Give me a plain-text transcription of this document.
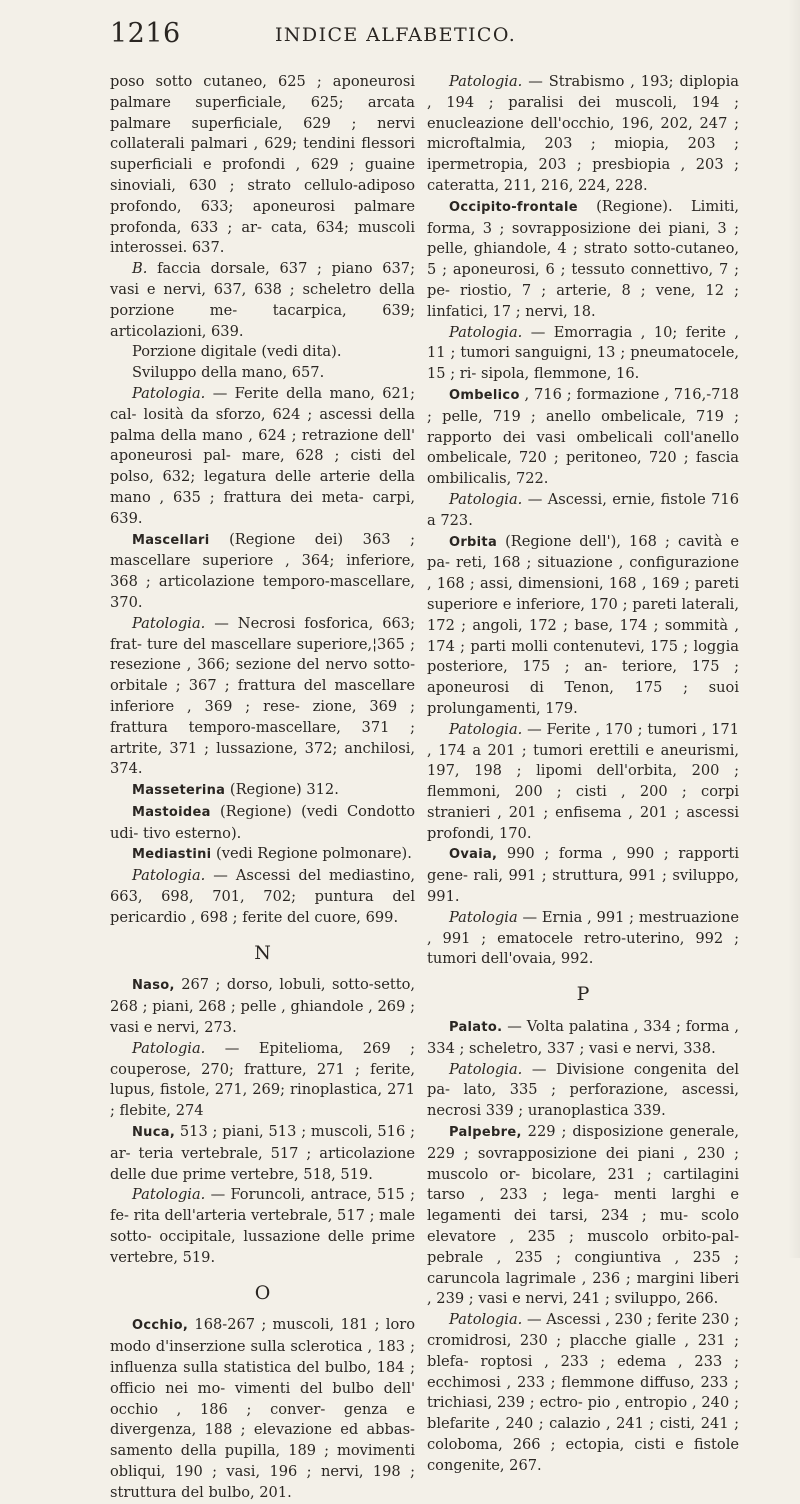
1216	INDICE ALFABETICO.

poso sotto cutaneo, 625 ; aponeurosi palmare superficiale, 625; arcata palmare superficiale, 629 ; nervi collaterali palmari , 629; tendini flessori superficiali e profondi , 629 ; guaine sinoviali, 630 ; strato cellulo-adiposo profondo, 633; aponeurosi palmare profonda, 633 ; ar- cata, 634; muscoli interossei. 637.

B. faccia dorsale, 637 ; piano 637; vasi e nervi, 637, 638 ; scheletro della porzione me- tacarpica, 639; articolazioni, 639.

Porzione digitale (vedi dita).

Sviluppo della mano, 657.

Patologia. — Ferite della mano, 621; cal- losità da sforzo, 624 ; ascessi della palma della mano , 624 ; retrazione dell' aponeurosi pal- mare, 628 ; cisti del polso, 632; legatura delle arterie della mano , 635 ; frattura dei meta- carpi, 639.

Mascellari (Regione dei) 363 ; mascellare superiore , 364; inferiore, 368 ; articolazione temporo-mascellare, 370.

Patologia. — Necrosi fosforica, 663; frat- ture del mascellare superiore,¦365 ; resezione , 366; sezione del nervo sotto-orbitale ; 367 ; frattura del mascellare inferiore , 369 ; rese- zione, 369 ; frattura temporo-mascellare, 371 ; artrite, 371 ; lussazione, 372; anchilosi, 374.

Masseterina (Regione) 312.

Mastoidea (Regione) (vedi Condotto udi- tivo esterno).

Mediastini (vedi Regione polmonare).

Patologia. — Ascessi del mediastino, 663, 698, 701, 702; puntura del pericardio , 698 ; ferite del cuore, 699.

N

Naso, 267 ; dorso, lobuli, sotto-setto, 268 ; piani, 268 ; pelle , ghiandole , 269 ; vasi e nervi, 273.

Patologia. — Epitelioma, 269 ; couperose, 270; fratture, 271 ; ferite, lupus, fistole, 271, 269; rinoplastica, 271 ; flebite, 274

Nuca, 513 ; piani, 513 ; muscoli, 516 ; ar- teria vertebrale, 517 ; articolazione delle due prime vertebre, 518, 519.

Patologia. — Foruncoli, antrace, 515 ; fe- rita dell'arteria vertebrale, 517 ; male sotto- occipitale, lussazione delle prime vertebre, 519.

O

Occhio, 168-267 ; muscoli, 181 ; loro modo d'inserzione sulla sclerotica , 183 ; influenza sulla statistica del bulbo, 184 ; officio nei mo- vimenti del bulbo dell' occhio , 186 ; conver- genza e divergenza, 188 ; elevazione ed abbas- samento della pupilla, 189 ; movimenti obliqui, 190 ; vasi, 196 ; nervi, 198 ; struttura del bulbo, 201.

Patologia. — Strabismo , 193; diplopia , 194 ; paralisi dei muscoli, 194 ; enucleazione dell'occhio, 196, 202, 247 ; microftalmia, 203 ; miopia, 203 ; ipermetropia, 203 ; presbiopia , 203 ; cateratta, 211, 216, 224, 228.

Occipito-frontale (Regione). Limiti, forma, 3 ; sovrapposizione dei piani, 3 ; pelle, ghiandole, 4 ; strato sotto-cutaneo, 5 ; aponeurosi, 6 ; tessuto connettivo, 7 ; pe- riostio, 7 ; arterie, 8 ; vene, 12 ; linfatici, 17 ; nervi, 18.

Patologia. — Emorragia , 10; ferite , 11 ; tumori sanguigni, 13 ; pneumatocele, 15 ; ri- sipola, flemmone, 16.

Ombelico , 716 ; formazione , 716,-718 ; pelle, 719 ; anello ombelicale, 719 ; rapporto dei vasi ombelicali coll'anello ombelicale, 720 ; peritoneo, 720 ; fascia ombilicalis, 722.

Patologia. — Ascessi, ernie, fistole 716 a 723.

Orbita (Regione dell'), 168 ; cavità e pa- reti, 168 ; situazione , configurazione , 168 ; assi, dimensioni, 168 , 169 ; pareti superiore e inferiore, 170 ; pareti laterali, 172 ; angoli, 172 ; base, 174 ; sommità , 174 ; parti molli contenutevi, 175 ; loggia posteriore, 175 ; an- teriore, 175 ; aponeurosi di Tenon, 175 ; suoi prolungamenti, 179.

Patologia. — Ferite , 170 ; tumori , 171 , 174 a 201 ; tumori erettili e aneurismi, 197, 198 ; lipomi dell'orbita, 200 ; flemmoni, 200 ; cisti , 200 ; corpi stranieri , 201 ; enfisema , 201 ; ascessi profondi, 170.

Ovaia, 990 ; forma , 990 ; rapporti gene- rali, 991 ; struttura, 991 ; sviluppo, 991.

Patologia — Ernia , 991 ; mestruazione , 991 ; ematocele retro-uterino, 992 ; tumori dell'ovaia, 992.

P

Palato. — Volta palatina , 334 ; forma , 334 ; scheletro, 337 ; vasi e nervi, 338.

Patologia. — Divisione congenita del pa- lato, 335 ; perforazione, ascessi, necrosi 339 ; uranoplastica 339.

Palpebre, 229 ; disposizione generale, 229 ; sovrapposizione dei piani , 230 ; muscolo or- bicolare, 231 ; cartilagini tarso , 233 ; lega- menti larghi e legamenti dei tarsi, 234 ; mu- scolo elevatore , 235 ; muscolo orbito-pal- pebrale , 235 ; congiuntiva , 235 ; caruncola lagrimale , 236 ; margini liberi , 239 ; vasi e nervi, 241 ; sviluppo, 266.

Patologia. — Ascessi , 230 ; ferite 230 ; cromidrosi, 230 ; placche gialle , 231 ; blefa- roptosi , 233 ; edema , 233 ; ecchimosi , 233 ; flemmone diffuso, 233 ; trichiasi, 239 ; ectro- pio , entropio , 240 ; blefarite , 240 ; calazio , 241 ; cisti, 241 ; coloboma, 266 ; ectopia, cisti e fistole congenite, 267.
